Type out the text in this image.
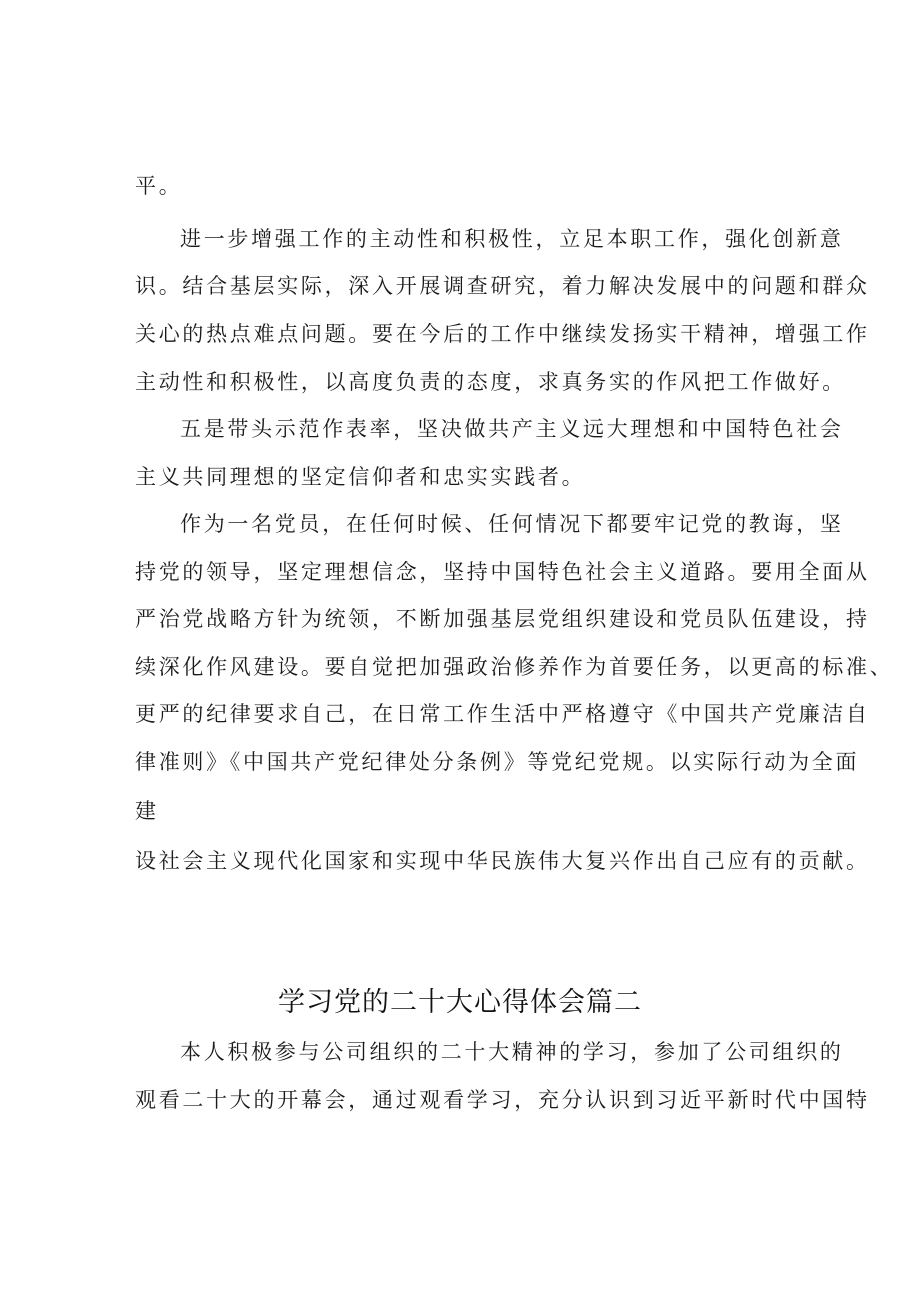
平。
进一步增强工作的主动性和积极性，立足本职工作，强化创新意
识。结合基层实际，深入开展调查研究，着力解决发展中的问题和群众
关心的热点难点问题。要在今后的工作中继续发扬实干精神，增强工作
主动性和积极性，以高度负责的态度，求真务实的作风把工作做好。
五是带头示范作表率，坚决做共产主义远大理想和中国特色社会
主义共同理想的坚定信仰者和忠实实践者。
作为一名党员，在任何时候、任何情况下都要牢记党的教诲，坚
持党的领导，坚定理想信念，坚持中国特色社会主义道路。要用全面从
严治党战略方针为统领，不断加强基层党组织建设和党员队伍建设，持
续深化作风建设。要自觉把加强政治修养作为首要任务，以更高的标准、
更严的纪律要求自己，在日常工作生活中严格遵守《中国共产党廉洁自
律准则》《中国共产党纪律处分条例》等党纪党规。以实际行动为全面
建
设社会主义现代化国家和实现中华民族伟大复兴作出自己应有的贡献。
学习党的二十大心得体会篇二
本人积极参与公司组织的二十大精神的学习，参加了公司组织的
观看二十大的开幕会，通过观看学习，充分认识到习近平新时代中国特
